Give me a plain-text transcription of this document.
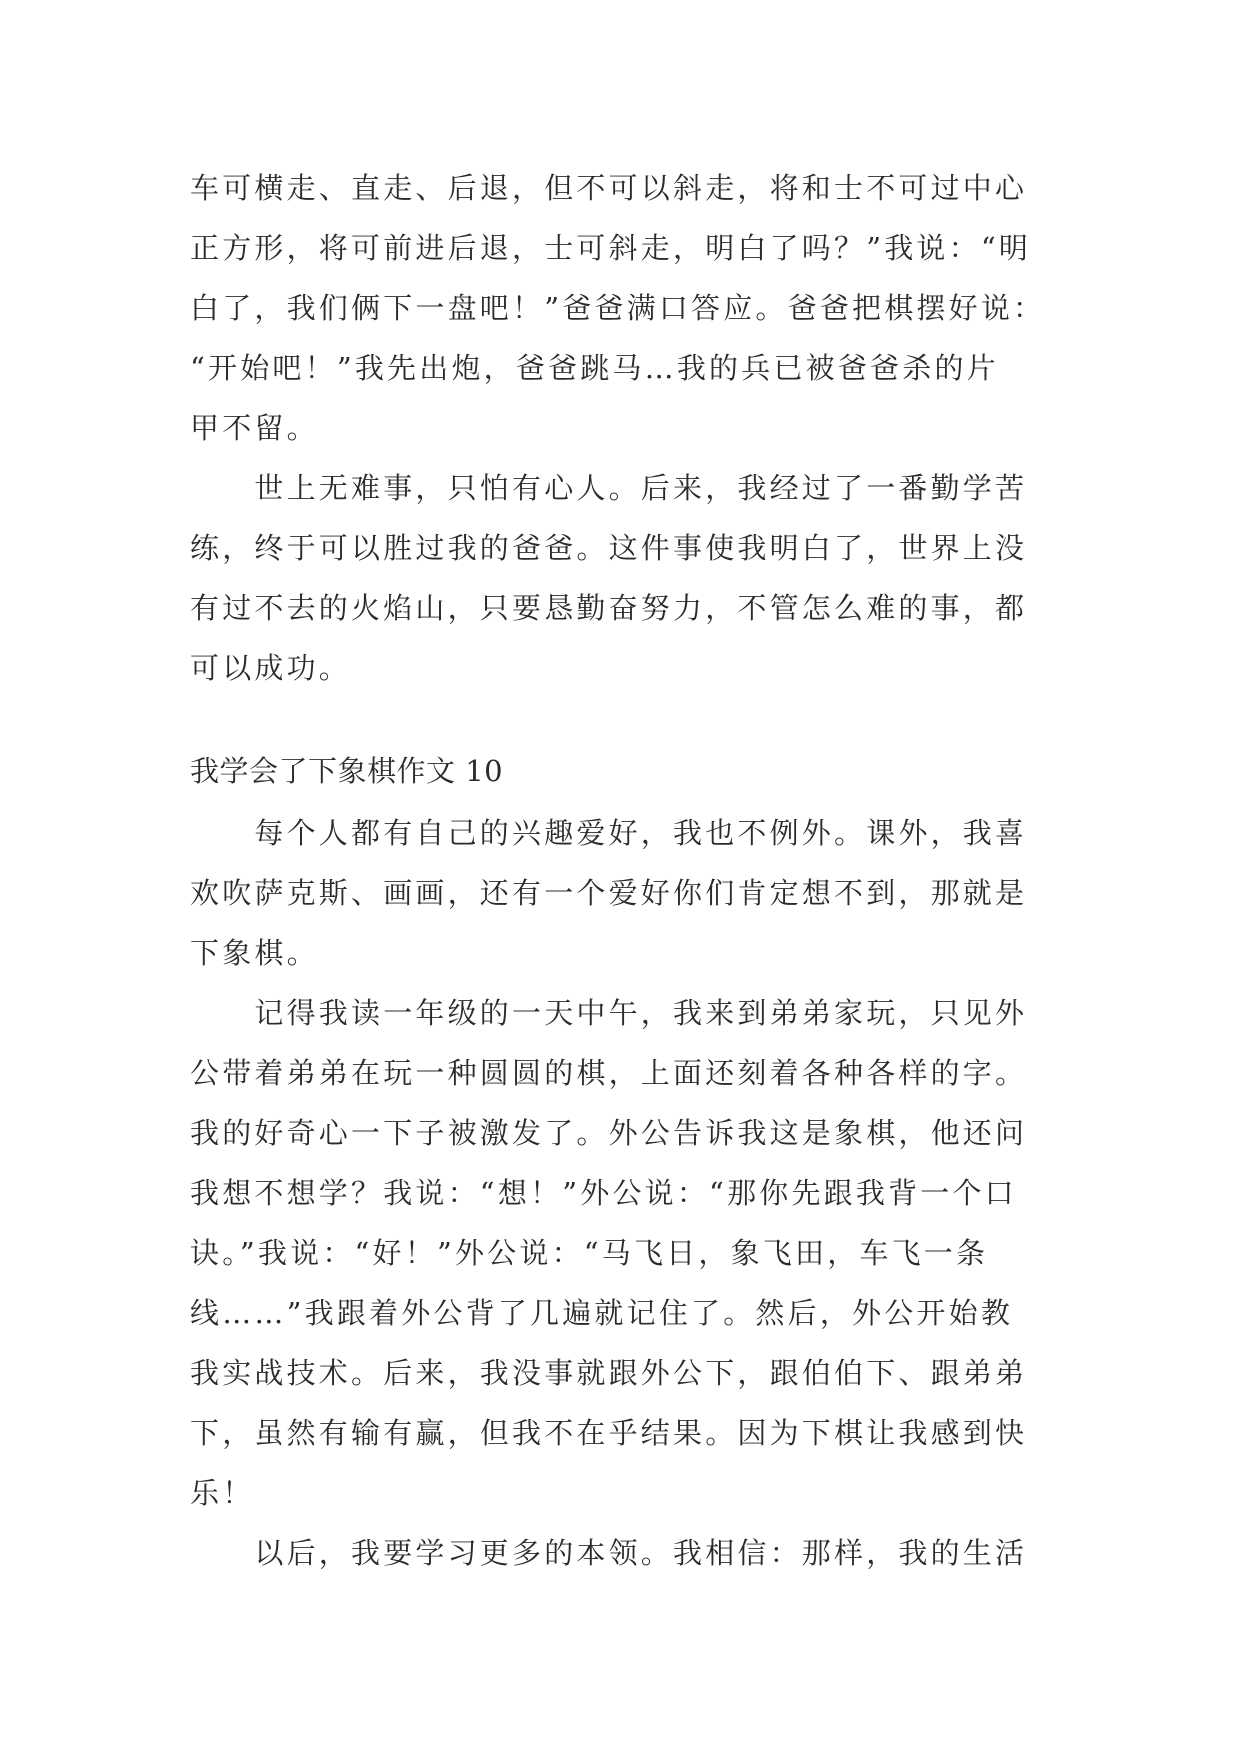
车可横走、直走、后退，但不可以斜走，将和士不可过中心
正方形，将可前进后退，士可斜走，明白了吗？”我说：“明
白了，我们俩下一盘吧！”爸爸满口答应。爸爸把棋摆好说：
“开始吧！”我先出炮，爸爸跳马…我的兵已被爸爸杀的片
甲不留。
　　世上无难事，只怕有心人。后来，我经过了一番勤学苦
练，终于可以胜过我的爸爸。这件事使我明白了，世界上没
有过不去的火焰山，只要恳勤奋努力，不管怎么难的事，都
可以成功。
我学会了下象棋作文 10
　　每个人都有自己的兴趣爱好，我也不例外。课外，我喜
欢吹萨克斯、画画，还有一个爱好你们肯定想不到，那就是
下象棋。
　　记得我读一年级的一天中午，我来到弟弟家玩，只见外
公带着弟弟在玩一种圆圆的棋，上面还刻着各种各样的字。
我的好奇心一下子被激发了。外公告诉我这是象棋，他还问
我想不想学？我说：“想！”外公说：“那你先跟我背一个口
诀。”我说：“好！”外公说：“马飞日，象飞田，车飞一条
线……”我跟着外公背了几遍就记住了。然后，外公开始教
我实战技术。后来，我没事就跟外公下，跟伯伯下、跟弟弟
下，虽然有输有赢，但我不在乎结果。因为下棋让我感到快
乐！
　　以后，我要学习更多的本领。我相信：那样，我的生活
